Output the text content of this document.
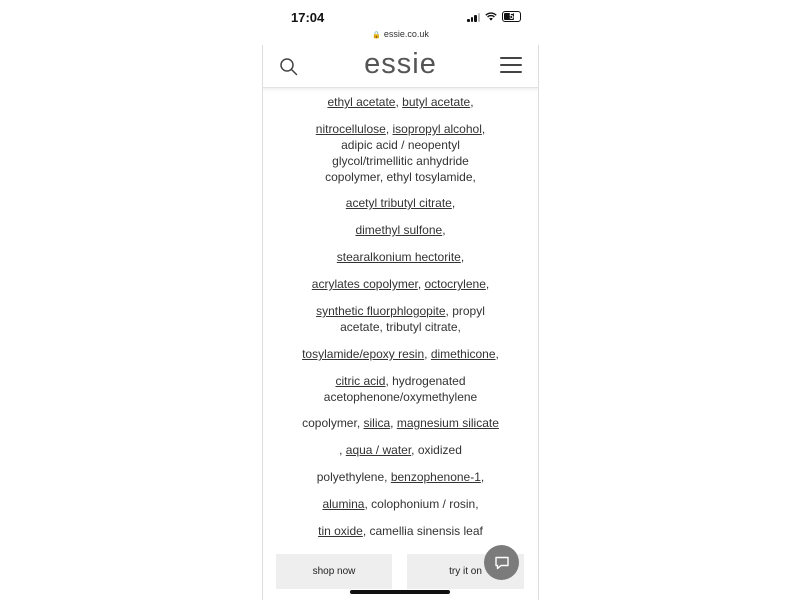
17:04	5
🔒 essie.co.uk
essie
ethyl acetate, butyl acetate,
nitrocellulose, isopropyl alcohol,
adipic acid / neopentyl
glycol/trimellitic anhydride
copolymer, ethyl tosylamide,
acetyl tributyl citrate,
dimethyl sulfone,
stearalkonium hectorite,
acrylates copolymer, octocrylene,
synthetic fluorphlogopite, propyl
acetate, tributyl citrate,
tosylamide/epoxy resin, dimethicone,
citric acid, hydrogenated
acetophenone/oxymethylene
copolymer, silica, magnesium silicate
, aqua / water, oxidized
polyethylene, benzophenone-1,
alumina, colophonium / rosin,
tin oxide, camellia sinensis leaf
shop now	try it on
